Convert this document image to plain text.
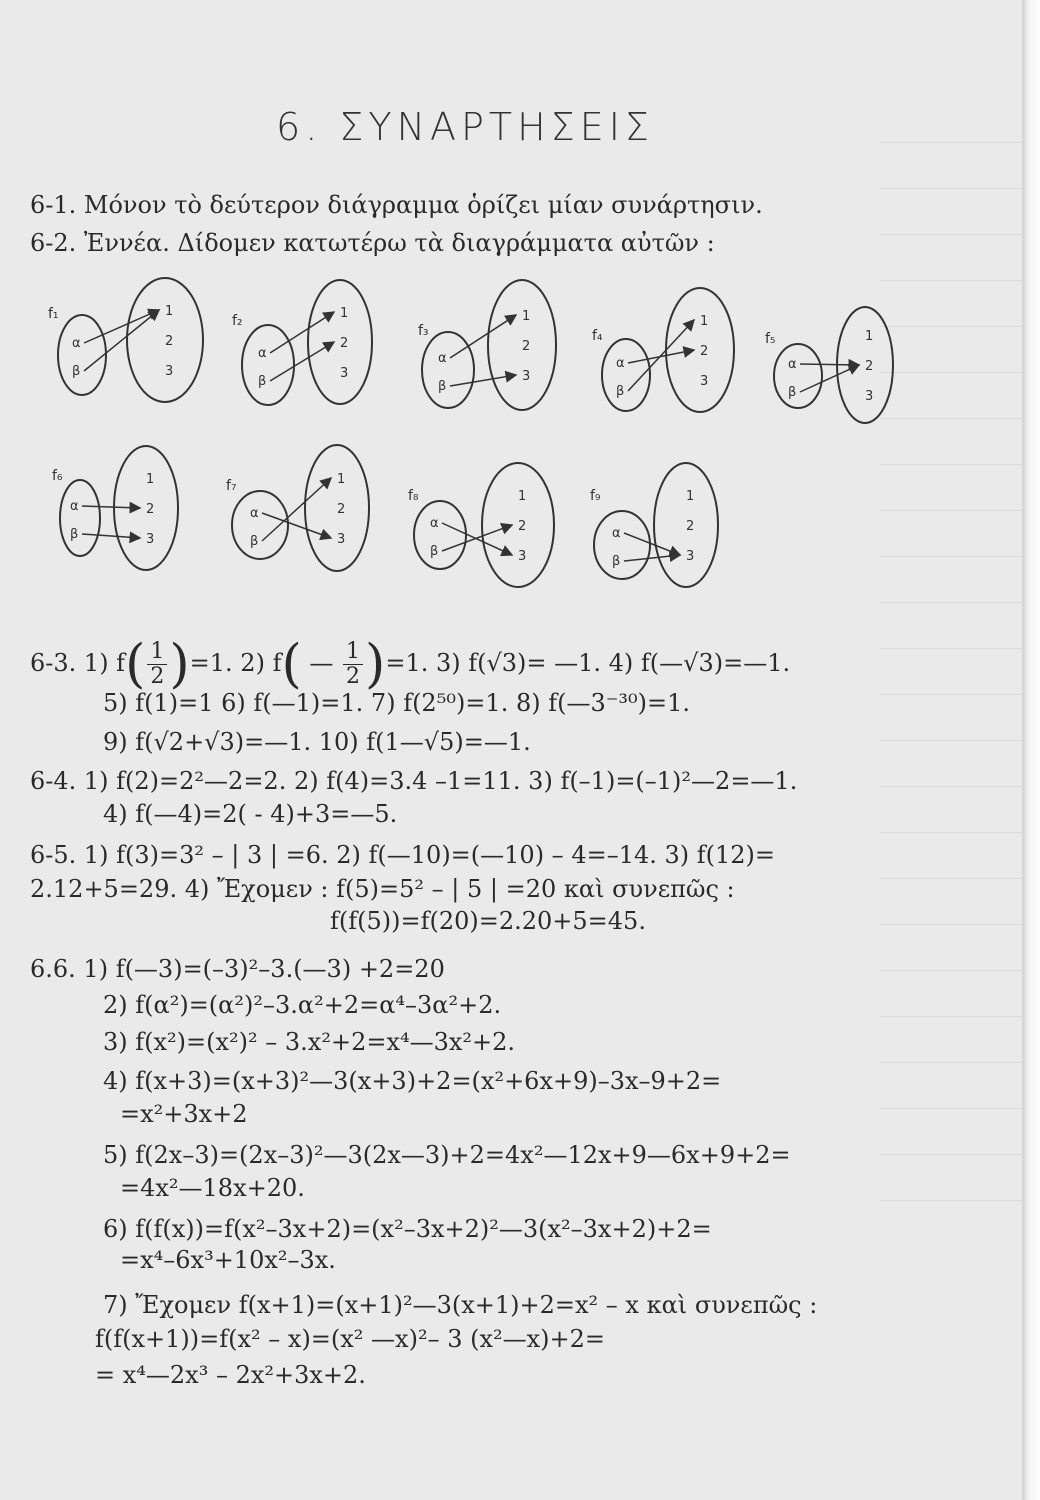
6. ΣΥΝΑΡΤΗΣΕΙΣ
6-1. Μόνον τὸ δεύτερον διάγραμμα ὁρίζει μίαν συνάρτησιν.
6-2. Ἐννέα. Δίδομεν κατωτέρω τὰ διαγράμματα αὐτῶν :
f₁
α
β
1
2
3
f₂
α
β
1
2
3
f₃
α
β
1
2
3
f₄
α
β
1
2
3
f₅
α
β
1
2
3
f₆
α
β
1
2
3
f₇
α
β
1
2
3
f₈
α
β
1
2
3
f₉
α
β
1
2
3
6-3. 1) $f( \frac{1}{2} )=1$. 2) f( — $\frac{1}{2} )=1$. 3) f(√3)= —1. 4) f(—√3)=—1.
5) f(1)=1 6) f(—1)=1. 7) f(2⁵⁰)=1. 8) f(—3⁻³⁰)=1.
9) f(√2+√3)=—1. 10) f(1—√5)=—1.
6-4. 1) f(2)=2²—2=2. 2) f(4)=3.4 –1=11. 3) f(–1)=(–1)²—2=—1.
4) f(—4)=2( - 4)+3=—5.
6-5. 1) f(3)=3² – | 3 | =6. 2) f(—10)=(—10) – 4=–14. 3) f(12)=
2.12+5=29. 4) Ἔχομεν : f(5)=5² – | 5 | =20 καὶ συνεπῶς :
f(f(5))=f(20)=2.20+5=45.
6.6. 1) f(—3)=(–3)²–3.(—3) +2=20
2) f(α²)=(α²)²–3.α²+2=α⁴–3α²+2.
3) f(x²)=(x²)² – 3.x²+2=x⁴—3x²+2.
4) f(x+3)=(x+3)²—3(x+3)+2=(x²+6x+9)–3x–9+2=
=x²+3x+2
5) f(2x–3)=(2x–3)²—3(2x—3)+2=4x²—12x+9—6x+9+2=
=4x²—18x+20.
6) f(f(x))=f(x²–3x+2)=(x²–3x+2)²—3(x²–3x+2)+2=
=x⁴–6x³+10x²–3x.
7) Ἔχομεν f(x+1)=(x+1)²—3(x+1)+2=x² – x καὶ συνεπῶς :
f(f(x+1))=f(x² – x)=(x² —x)²– 3 (x²—x)+2=
= x⁴—2x³ – 2x²+3x+2.
